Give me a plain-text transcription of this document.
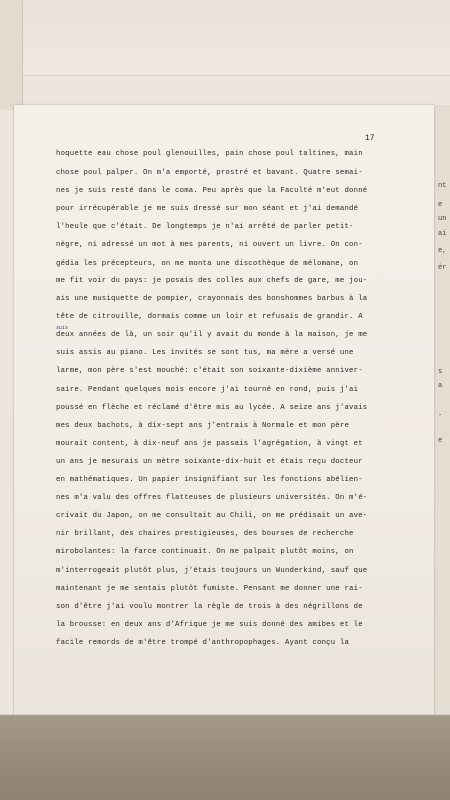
nt
e
un
ai
e,
ér
s
a
-
e
17
hoquette eau chose poul glenouilles, pain chose poul taltines, main
chose poul palper. On m'a emporté, prostré et bavant. Quatre semai-
nes je suis resté dans le coma. Peu après que la Faculté m'eut donné
pour irrécupérable je me suis dressé sur mon séant et j'ai demandé
l'heule que c'était. De longtemps je n'ai arrêté de parler petit-
nègre, ni adressé un mot à mes parents, ni ouvert un livre. On con-
gédia les précepteurs, on me monta une discothèque de mélomane, on
me fit voir du pays: je posais des colles aux chefs de gare, me jou-
ais une musiquette de pompier, crayonnais des bonshommes barbus à la
tête de citrouille, dormais comme un loir et refusais de grandir. A
deux années de là, un soir qu'il y avait du monde à la maison, je me
suis
suis assis au piano. Les invités se sont tus, ma mère a versé une
larme, mon père s'est mouché: c'était son soixante-dixième anniver-
saire. Pendant quelques mois encore j'ai tourné en rond, puis j'ai
poussé en flèche et réclamé d'être mis au lycée. A seize ans j'avais
mes deux bachots, à dix-sept ans j'entrais à Normale et mon père
mourait content, à dix-neuf ans je passais l'agrégation, à vingt et
un ans je mesurais un mètre soixante-dix-huit et étais reçu docteur
en mathématiques. Un papier insignifiant sur les fonctions abélien-
nes m'a valu des offres flatteuses de plusieurs universités. On m'é-
crivait du Japon, on me consultait au Chili, on me prédisait un ave-
nir brillant, des chaires prestigieuses, des bourses de recherche
mirobolantes: la farce continuait. On me palpait plutôt moins, on
m'interrogeait plutôt plus, j'étais toujours un Wunderkind, sauf que
maintenant je me sentais plutôt fumiste. Pensant me donner une rai-
son d'être j'ai voulu montrer la règle de trois à des négrillons de
la brousse: en deux ans d'Afrique je me suis donné des amibes et le
facile remords de m'être trompé d'anthropophages. Ayant conçu la
